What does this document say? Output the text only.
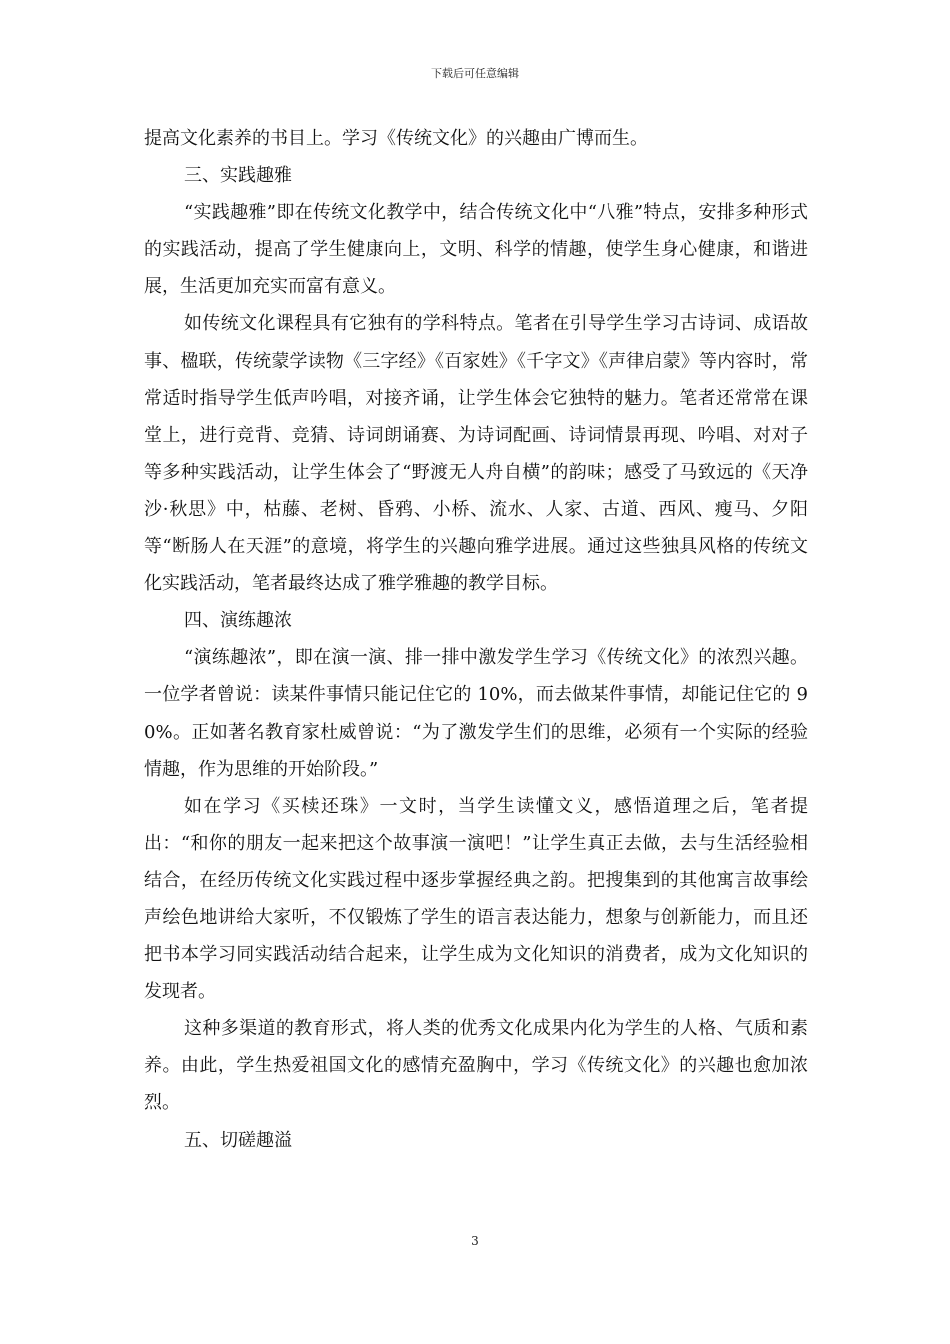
下载后可任意编辑

提高文化素养的书目上。学习《传统文化》的兴趣由广博而生。

三、实践趣雅

“实践趣雅”即在传统文化教学中，结合传统文化中“八雅”特点，安排多种形式的实践活动，提高了学生健康向上，文明、科学的情趣，使学生身心健康，和谐进展，生活更加充实而富有意义。

如传统文化课程具有它独有的学科特点。笔者在引导学生学习古诗词、成语故事、楹联，传统蒙学读物《三字经》《百家姓》《千字文》《声律启蒙》等内容时，常常适时指导学生低声吟唱，对接齐诵，让学生体会它独特的魅力。笔者还常常在课堂上，进行竞背、竞猜、诗词朗诵赛、为诗词配画、诗词情景再现、吟唱、对对子等多种实践活动，让学生体会了“野渡无人舟自横”的韵味；感受了马致远的《天净沙·秋思》中，枯藤、老树、昏鸦、小桥、流水、人家、古道、西风、瘦马、夕阳等“断肠人在天涯”的意境，将学生的兴趣向雅学进展。通过这些独具风格的传统文化实践活动，笔者最终达成了雅学雅趣的教学目标。

四、演练趣浓

“演练趣浓”，即在演一演、排一排中激发学生学习《传统文化》的浓烈兴趣。一位学者曾说：读某件事情只能记住它的 10%，而去做某件事情，却能记住它的 90%。正如著名教育家杜威曾说：“为了激发学生们的思维，必须有一个实际的经验情趣，作为思维的开始阶段。”

如在学习《买椟还珠》一文时，当学生读懂文义，感悟道理之后，笔者提出：“和你的朋友一起来把这个故事演一演吧！”让学生真正去做，去与生活经验相结合，在经历传统文化实践过程中逐步掌握经典之韵。把搜集到的其他寓言故事绘声绘色地讲给大家听，不仅锻炼了学生的语言表达能力，想象与创新能力，而且还把书本学习同实践活动结合起来，让学生成为文化知识的消费者，成为文化知识的发现者。

这种多渠道的教育形式，将人类的优秀文化成果内化为学生的人格、气质和素养。由此，学生热爱祖国文化的感情充盈胸中，学习《传统文化》的兴趣也愈加浓烈。

五、切磋趣溢

3
